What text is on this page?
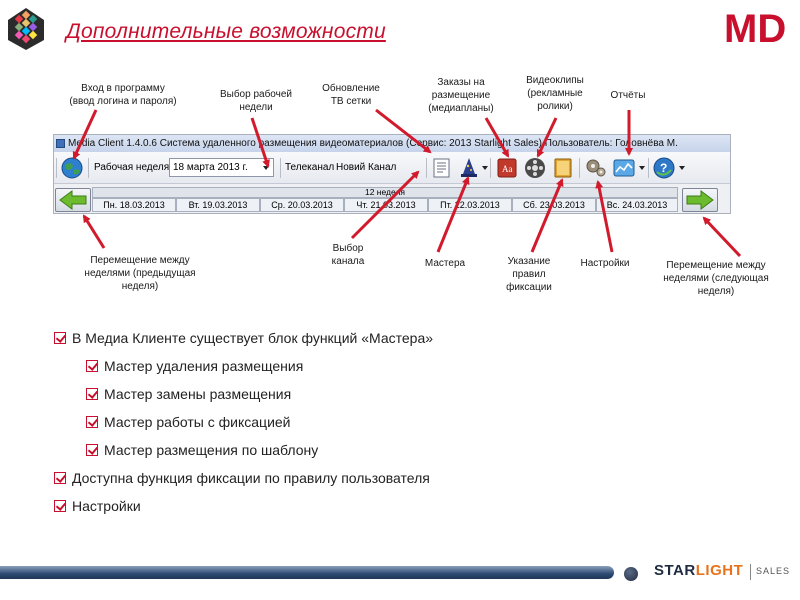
Дополнительные возможности	MD
Вход в программу
(ввод логина и пароля)
Выбор рабочей
недели
Обновление
ТВ сетки
Заказы на
размещение
(медиапланы)
Видеоклипы
(рекламные
ролики)
Отчёты
Выбор
канала	Мастера	Указание
правил
фиксации
Настройки
Перемещение между
неделями (предыдущая
неделя)
Перемещение между
неделями (следующая
неделя)
Media Client 1.4.0.6 Система удаленного размещения видеоматериалов (Сервис: 2013 Starlight Sales) Пользователь: Головнёва М.
Рабочая неделя 18 марта 2013 г.	Телеканал Новий Канал	Aa	?
12 неделя
Пн. 18.03.2013	Вт. 19.03.2013	Ср. 20.03.2013	Чт. 21.03.2013	Пт. 22.03.2013	Сб. 23.03.2013	Вс. 24.03.2013
В Медиа Клиенте существует блок функций «Мастера»
Мастер удаления размещения
Мастер замены размещения
Мастер работы с фиксацией
Мастер размещения по шаблону
Доступна функция фиксации по правилу пользователя
Настройки
STARLIGHT SALES
